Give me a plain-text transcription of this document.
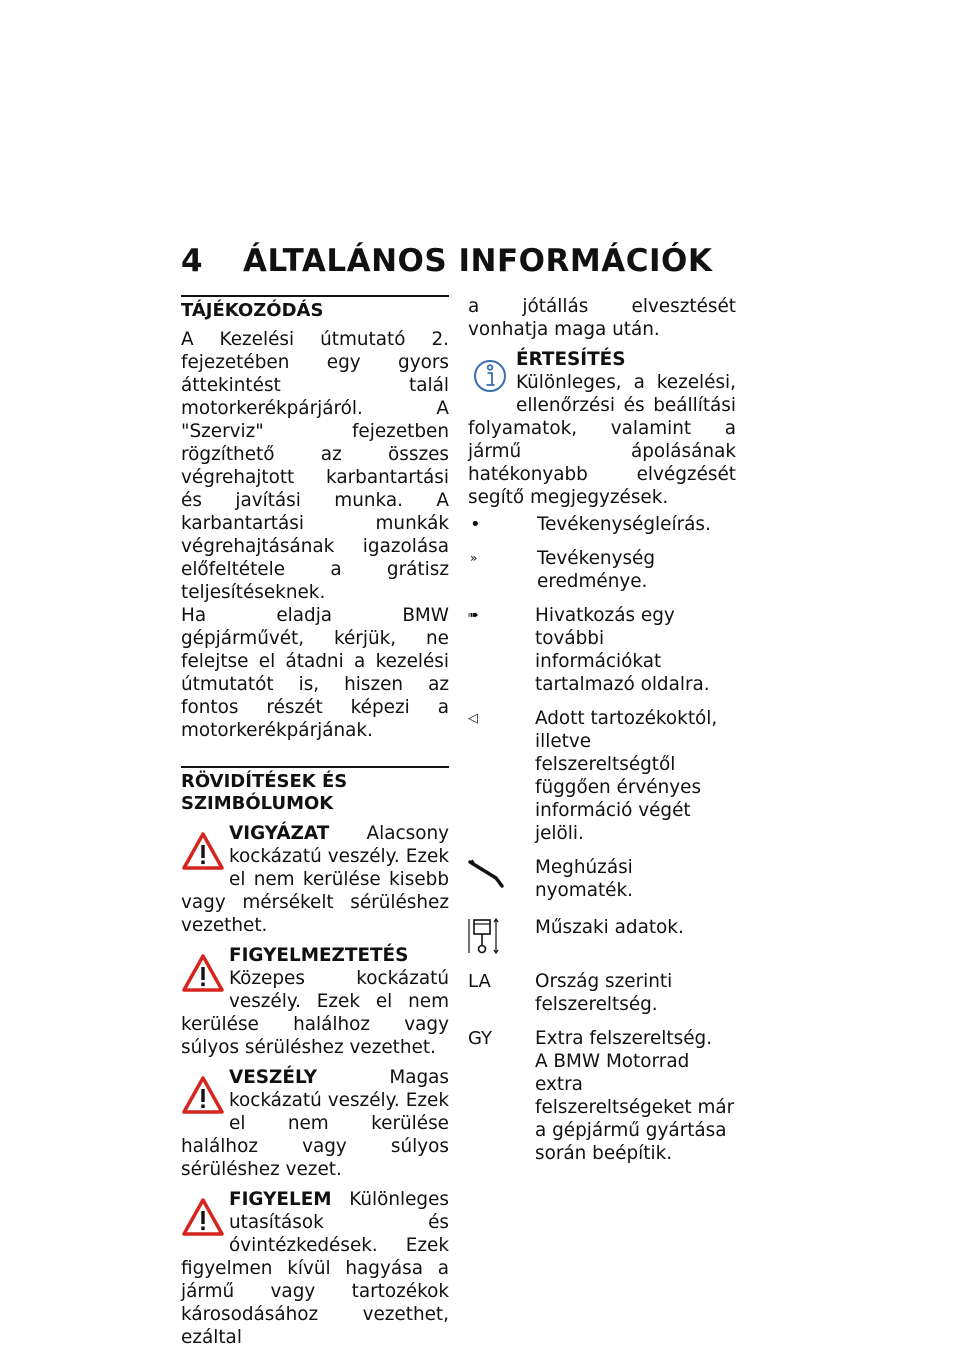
4 ÁLTALÁNOS INFORMÁCIÓK
TÁJÉKOZÓDÁS

A Kezelési útmutató 2. fejezetében egy gyors áttekintést talál motorkerékpárjáról. A "Szerviz" fejezetben rögzíthető az összes végrehajtott karbantartási és javítási munka. A karbantartási munkák végrehajtásának igazolása előfeltétele a grátisz teljesítéseknek.

Ha eladja BMW gépjárművét, kérjük, ne felejtse el átadni a kezelési útmutatót is, hiszen az fontos részét képezi a motorkerékpárjának.

RÖVIDÍTÉSEK ÉS SZIMBÓLUMOK
VIGYÁZAT Alacsony kockázatú veszély. Ezek el nem kerülése kisebb vagy mérsékelt sérüléshez vezethet.
FIGYELMEZTETÉS Közepes kockázatú veszély. Ezek el nem kerülése halálhoz vagy súlyos sérüléshez vezethet.
VESZÉLY	Magas kockázatú veszély. Ezek el nem kerülése halálhoz vagy súlyos sérüléshez vezet.
FIGYELEM Különleges utasítások és óvintézkedések. Ezek figyelmen kívül hagyása a jármű vagy tartozékok károsodásához vezethet, ezáltal

a jótállás elvesztését vonhatja maga után.

ÉRTESÍTÉS Különleges, a kezelési, ellenőrzési és beállítási folyamatok, valamint a jármű ápolásának hatékonyabb elvégzését segítő megjegyzések.
•	Tevékenységleírás.
»	Tevékenység eredménye.
➠	Hivatkozás egy további információkat tartalmazó oldalra.
◁	Adott tartozékoktól, illetve felszereltségtől függően érvényes információ végét jelöli.
Meghúzási nyomaték.
Műszaki adatok.
LA	Ország szerinti felszereltség.
GY	Extra felszereltség.
A BMW Motorrad extra felszereltségeket már a gépjármű gyártása során beépítik.
